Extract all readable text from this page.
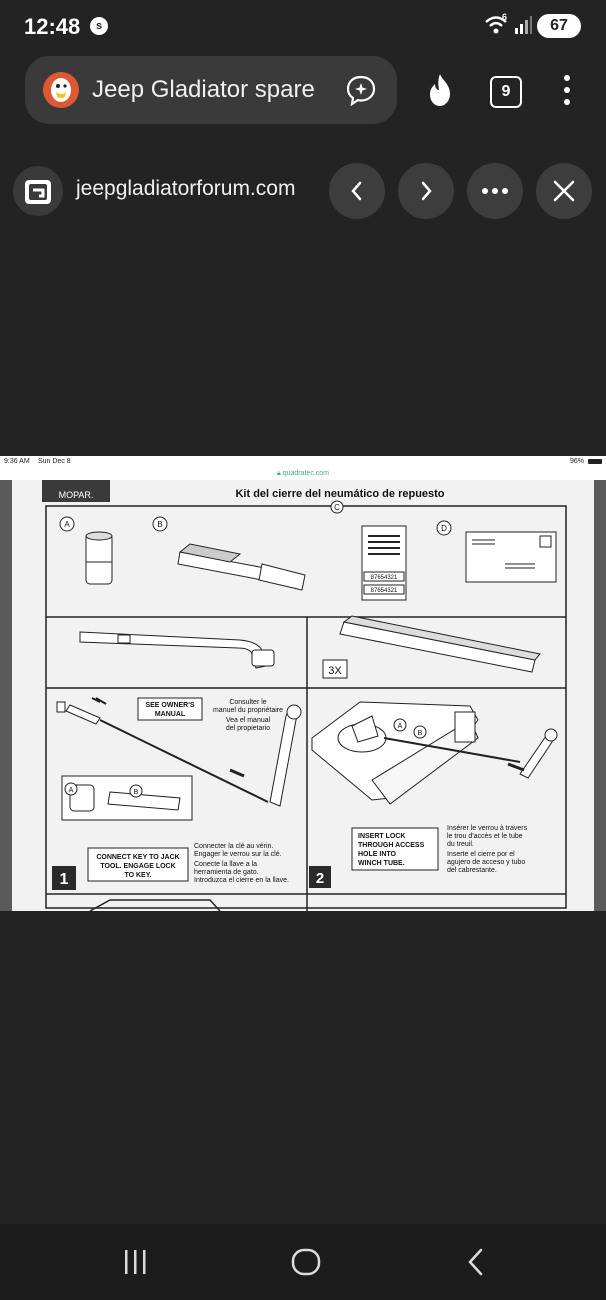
12:48	s
6	67
Jeep Gladiator spare	9
jeepgladiatorforum.com
9:36 AM Sun Dec 8	96%
🔒︎ quadratec.com
MOPAR.	Kit del cierre del neumático de repuesto
A	B
C
87654321
87654321
D
3X
A	B
SEE OWNER'S
MANUAL
Consulter le
manuel du propriétaire
Vea el manual
del propietario
CONNECT KEY TO JACK
TOOL. ENGAGE LOCK
TO KEY.
Connecter la clé au vérin.
Engager le verrou sur la clé.
Conecte la llave a la
herramienta de gato.
Introduzca el cierre en la llave.
1
A
B
INSERT LOCK
THROUGH ACCESS
HOLE INTO
WINCH TUBE.
Insérer le verrou à travers
le trou d'accès et le tube
du treuil.
Inserte el cierre por el
agujero de acceso y tubo
del cabrestante.
2
